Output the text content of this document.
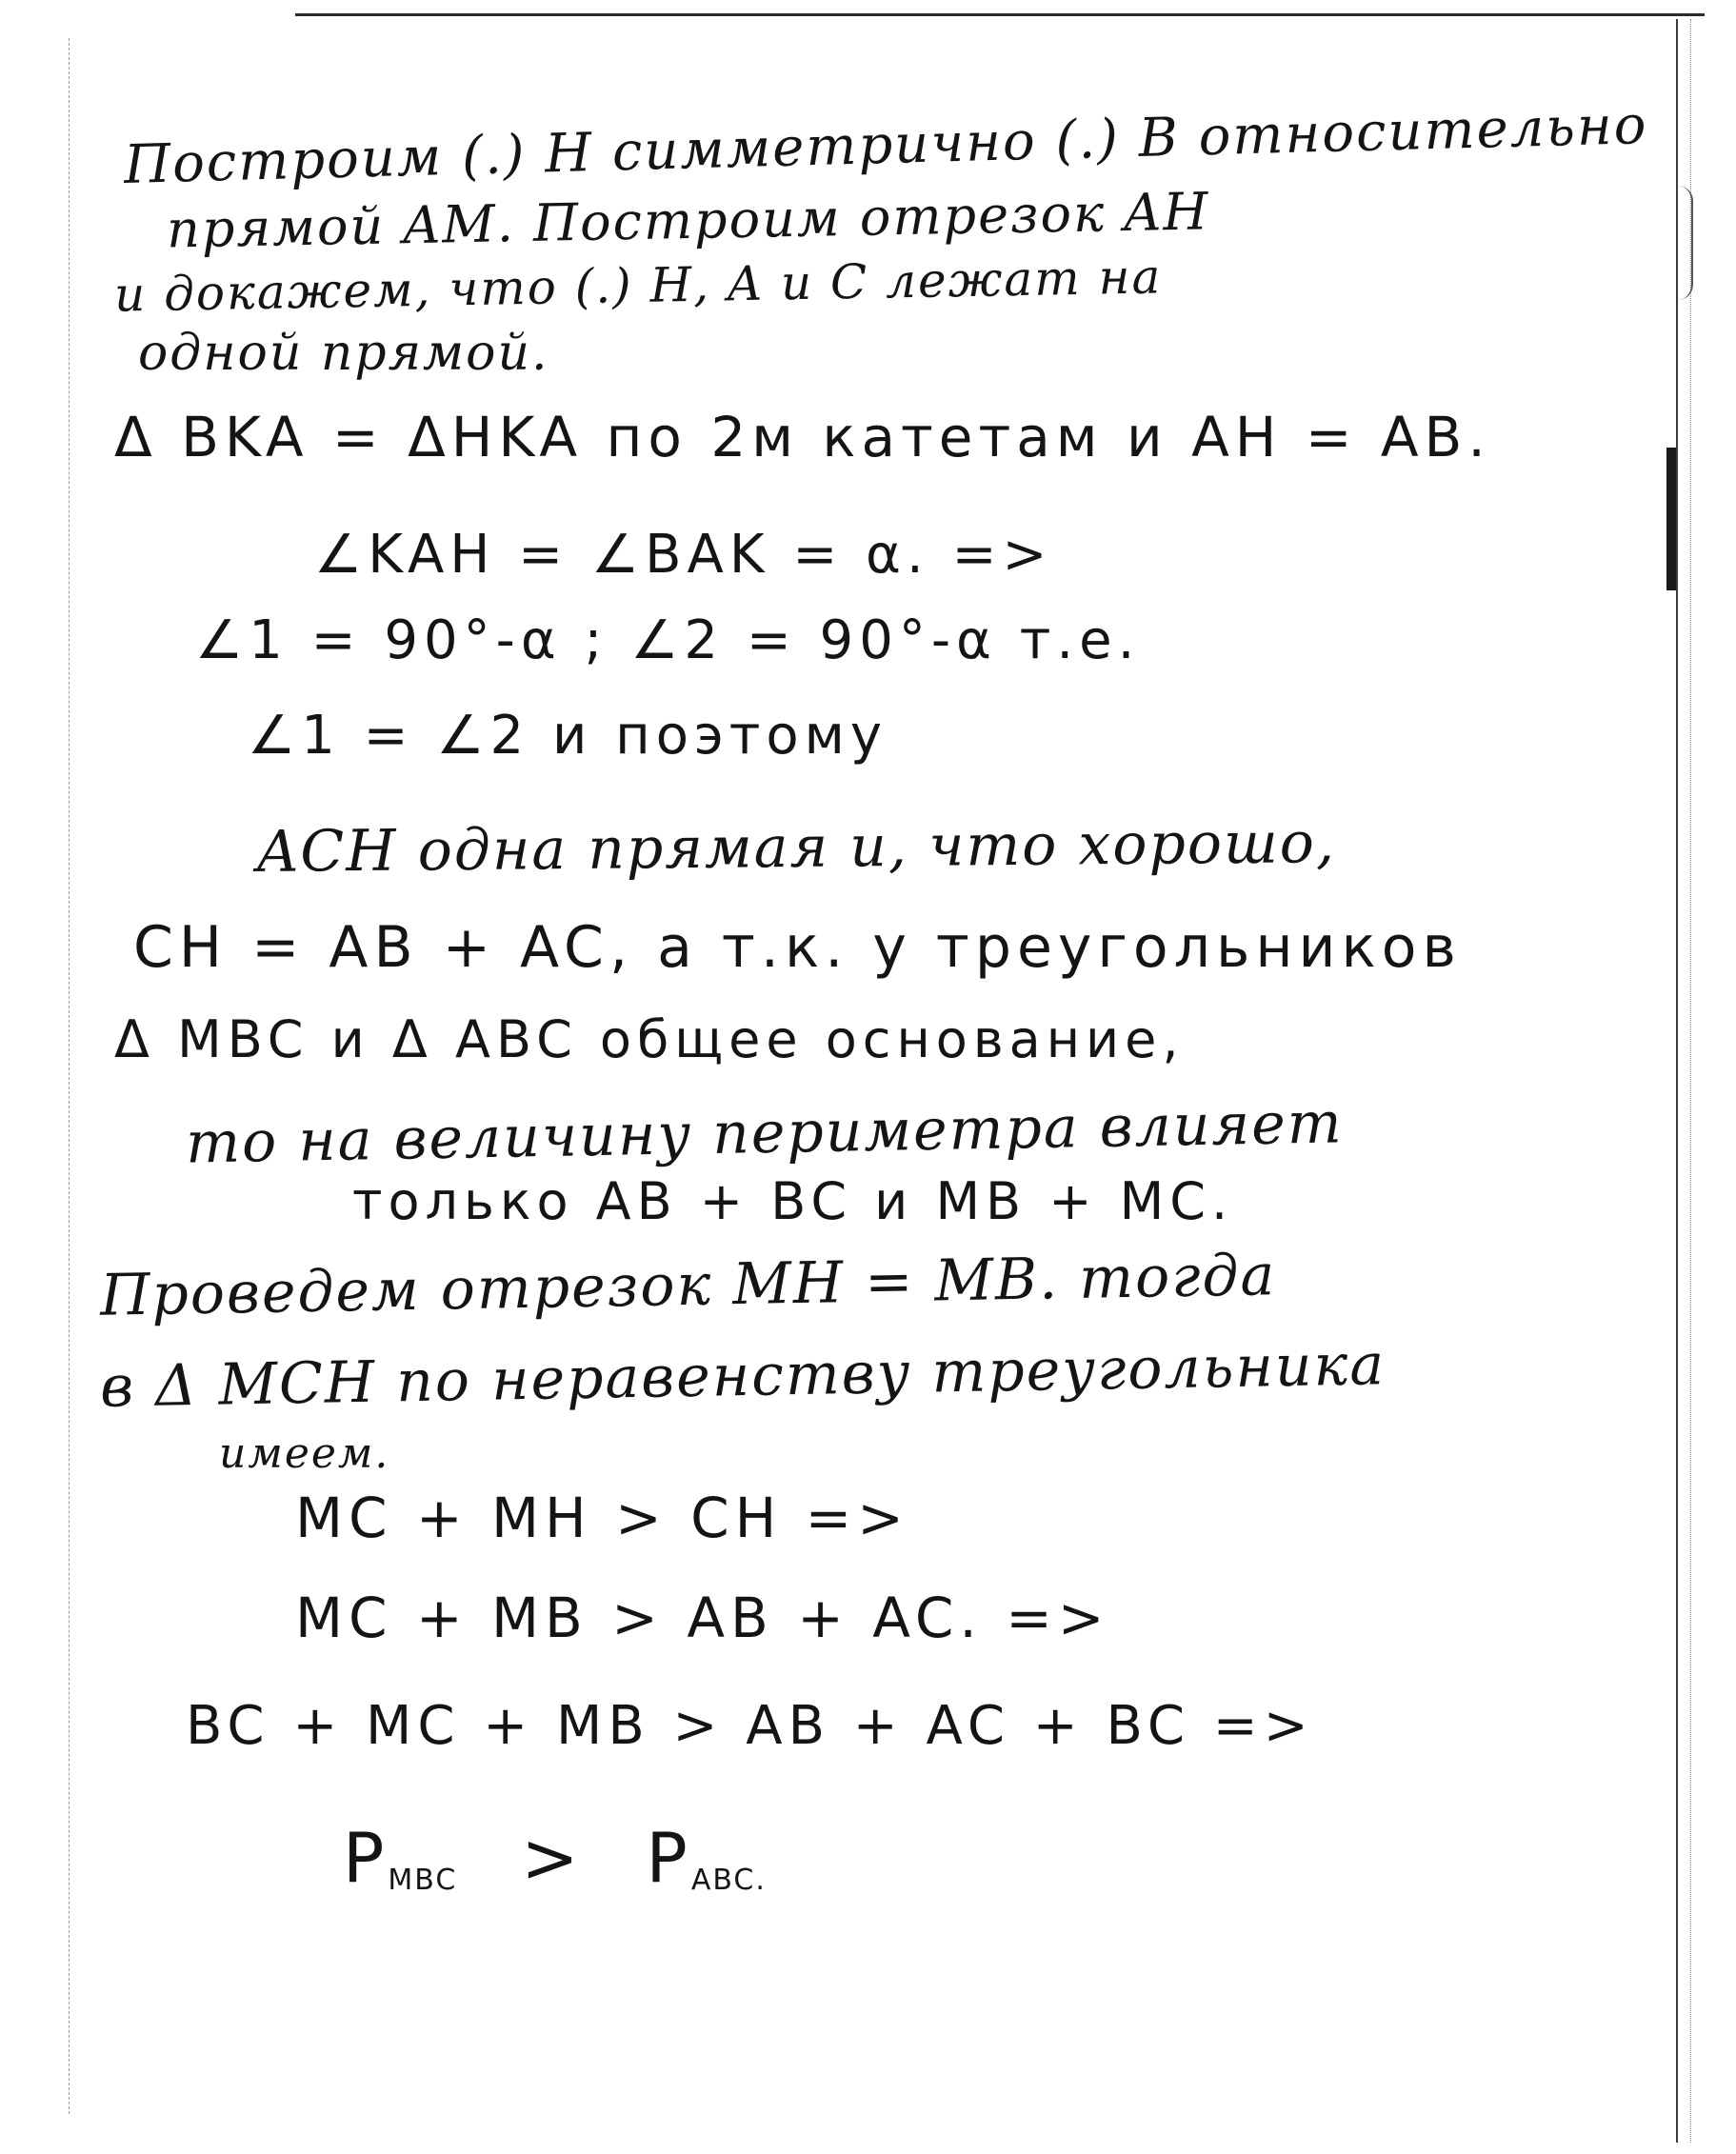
Построим (.) H симметрично (.) B относительно
прямой AM. Построим отрезок AH
и докажем, что (.) H, A и C лежат на
одной прямой.
Δ BKA = ΔHKA по 2м катетам и AH = AB.
∠KAH = ∠BAK = α. =>
∠1 = 90°-α ; ∠2 = 90°-α т.е.
∠1 = ∠2 и поэтому
ACH одна прямая и, что хорошо,
CH = AB + AC, а т.к. у треугольников
Δ MBC и Δ ABC общее основание,
то на величину периметра влияет
только AB + BC и MB + MC.
Проведем отрезок MH = MB. тогда
в Δ MCH по неравенству треугольника
имеем.
MC + MH > CH =>
MC + MB > AB + AC. =>
BC + MC + MB > AB + AC + BC =>
$P_{MBC} > P_{ABC.}$
